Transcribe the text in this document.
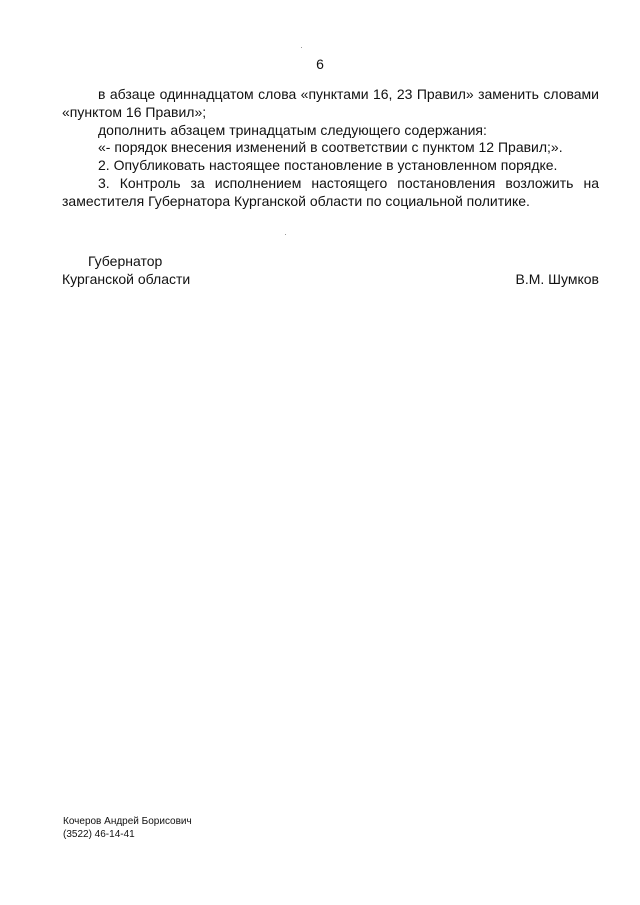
6

в абзаце одиннадцатом слова «пунктами 16, 23 Правил» заменить словами «пунктом 16 Правил»;

дополнить абзацем тринадцатым следующего содержания:

«- порядок внесения изменений в соответствии с пунктом 12 Правил;».

2. Опубликовать настоящее постановление в установленном порядке.

3. Контроль за исполнением настоящего постановления возложить на заместителя Губернатора Курганской области по социальной политике.

Губернатор
Курганской области	В.М. Шумков
Кочеров Андрей Борисович
(3522) 46-14-41
